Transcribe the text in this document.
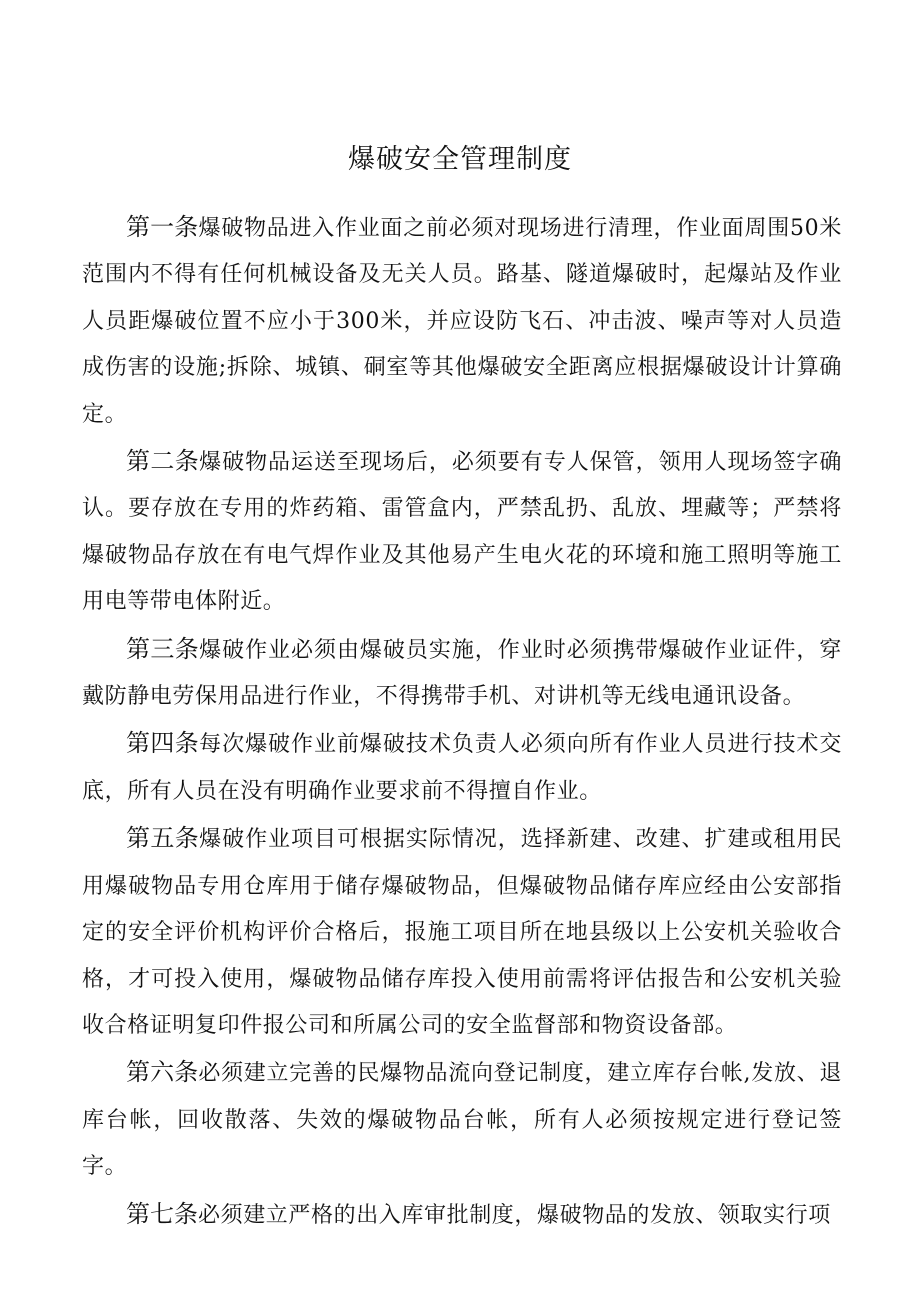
爆破安全管理制度

第一条爆破物品进入作业面之前必须对现场进行清理，作业面周围50米范围内不得有任何机械设备及无关人员。路基、隧道爆破时，起爆站及作业人员距爆破位置不应小于300米，并应设防飞石、冲击波、噪声等对人员造成伤害的设施;拆除、城镇、硐室等其他爆破安全距离应根据爆破设计计算确定。

第二条爆破物品运送至现场后，必须要有专人保管，领用人现场签字确认。要存放在专用的炸药箱、雷管盒内，严禁乱扔、乱放、埋藏等；严禁将爆破物品存放在有电气焊作业及其他易产生电火花的环境和施工照明等施工用电等带电体附近。

第三条爆破作业必须由爆破员实施，作业时必须携带爆破作业证件，穿戴防静电劳保用品进行作业，不得携带手机、对讲机等无线电通讯设备。

第四条每次爆破作业前爆破技术负责人必须向所有作业人员进行技术交底，所有人员在没有明确作业要求前不得擅自作业。

第五条爆破作业项目可根据实际情况，选择新建、改建、扩建或租用民用爆破物品专用仓库用于储存爆破物品，但爆破物品储存库应经由公安部指定的安全评价机构评价合格后，报施工项目所在地县级以上公安机关验收合格，才可投入使用，爆破物品储存库投入使用前需将评估报告和公安机关验收合格证明复印件报公司和所属公司的安全监督部和物资设备部。

第六条必须建立完善的民爆物品流向登记制度，建立库存台帐,发放、退库台帐，回收散落、失效的爆破物品台帐，所有人必须按规定进行登记签字。

第七条必须建立严格的出入库审批制度，爆破物品的发放、领取实行项
